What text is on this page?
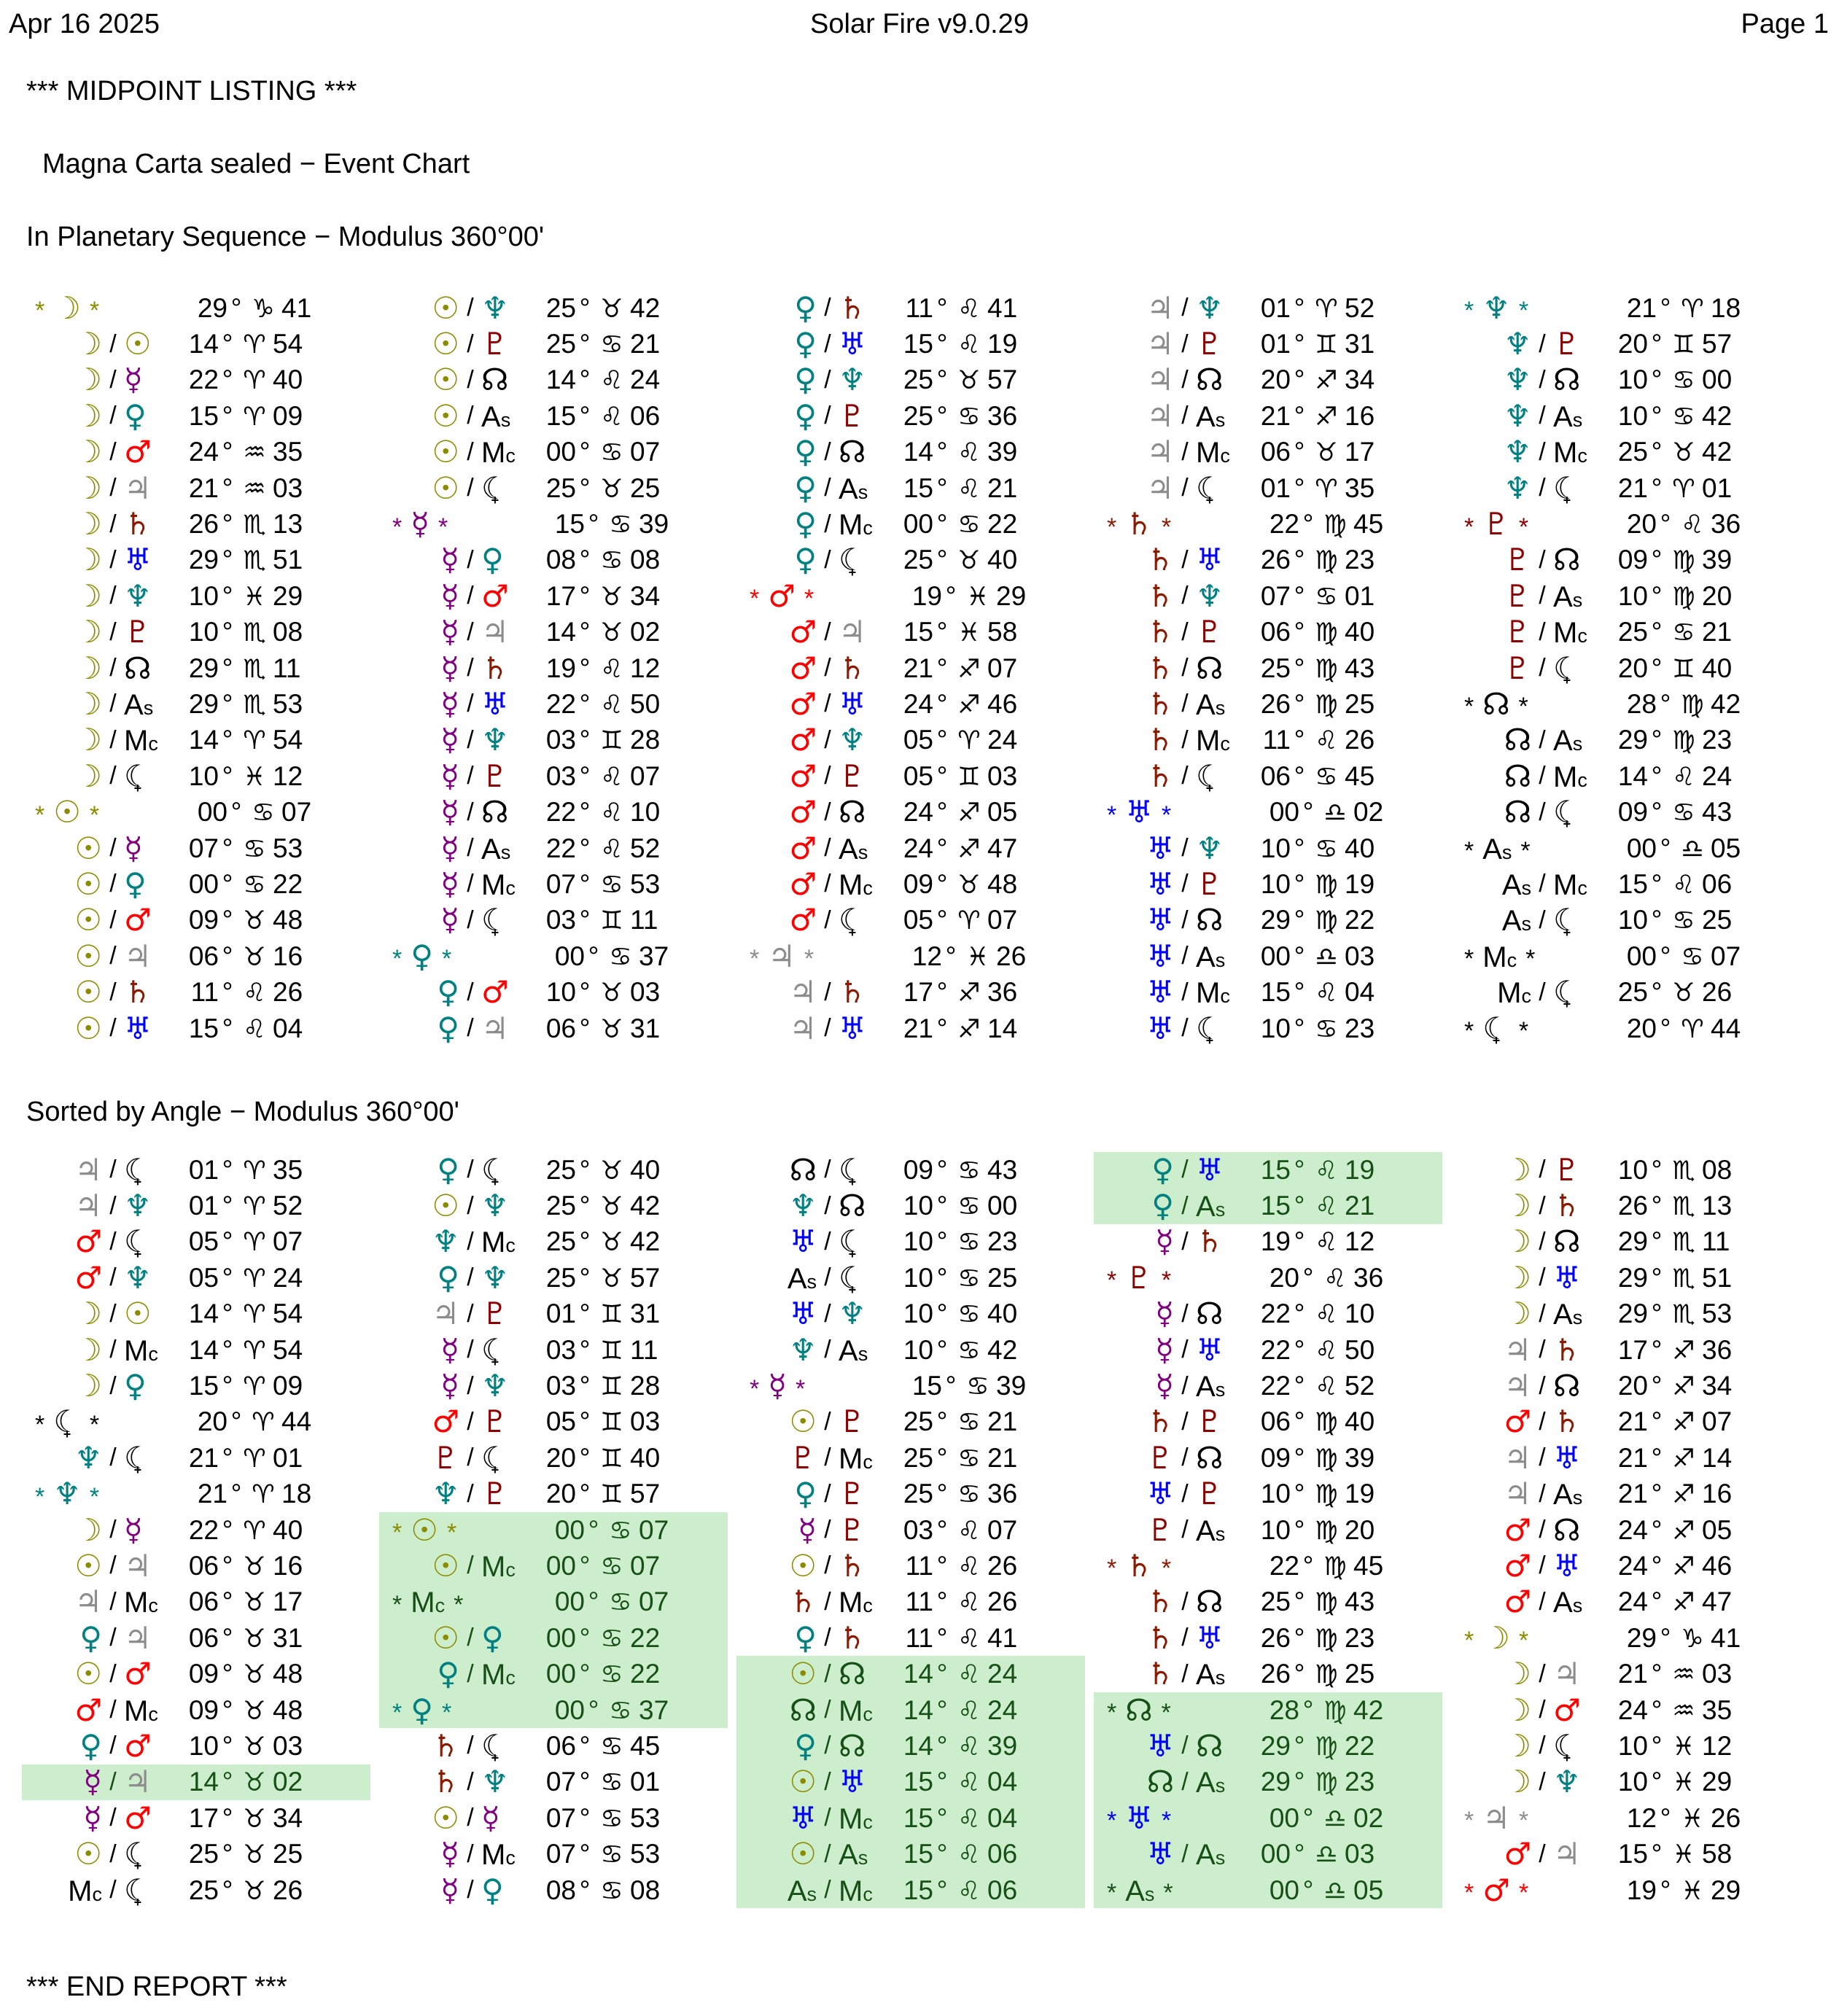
Apr 16 2025	Solar Fire v9.0.29	Page 1
*** MIDPOINT LISTING ***
Magna Carta sealed − Event Chart
In Planetary Sequence − Modulus 360°00'
* ☽ *	29 ° ♑ 41
☽ / ☉ 14 ° ♈ 54
☽ / ☿ 22 ° ♈ 40
☽ / ♀ 15 ° ♈ 09
☽ / ♂ 24 ° ♒ 35
☽ / ♃ 21 ° ♒ 03
☽ / ♄ 26 ° ♏ 13
☽ / ♅ 29 ° ♏ 51
☽ / ♆ 10 ° ♓ 29
☽ / ♇ 10 ° ♏ 08
☽ / ☊ 29 ° ♏ 11
☽ / As 29 ° ♏ 53
☽ / Mc 14 ° ♈ 54
☽ / ☾ + 10 ° ♓ 12
* ☉ *	00 ° ♋ 07
☉ / ☿ 07 ° ♋ 53
☉ / ♀ 00 ° ♋ 22
☉ / ♂ 09 ° ♉ 48
☉ / ♃ 06 ° ♉ 16
☉ / ♄	11 ° ♌ 26
☉ / ♅ 15 ° ♌ 04
☉ / ♆ 25 ° ♉ 42
☉ / ♇ 25 ° ♋ 21
☉ / ☊ 14 ° ♌ 24
☉ / As 15 ° ♌ 06
☉ / Mc 00 ° ♋ 07
☉ / ☾ + 25 ° ♉ 25
* ☿ *	15 ° ♋ 39
☿ / ♀ 08 ° ♋ 08
☿ / ♂ 17 ° ♉ 34
☿ / ♃ 14 ° ♉ 02
☿ / ♄ 19 ° ♌ 12
☿ / ♅ 22 ° ♌ 50
☿ / ♆ 03 ° ♊ 28
☿ / ♇ 03 ° ♌ 07
☿ / ☊ 22 ° ♌ 10
☿ / As 22 ° ♌ 52
☿ / Mc 07 ° ♋ 53
☿ / ☾ + 03 ° ♊ 11
* ♀ *	00 ° ♋ 37
♀ / ♂ 10 ° ♉ 03
♀ / ♃ 06 ° ♉ 31
♀ / ♄	11 ° ♌ 41
♀ / ♅ 15 ° ♌ 19
♀ / ♆ 25 ° ♉ 57
♀ / ♇ 25 ° ♋ 36
♀ / ☊ 14 ° ♌ 39
♀ / As 15 ° ♌ 21
♀ / Mc 00 ° ♋ 22
♀ / ☾ + 25 ° ♉ 40
* ♂ *	19 ° ♓ 29
♂ / ♃ 15 ° ♓ 58
♂ / ♄ 21 ° ♐ 07
♂ / ♅ 24 ° ♐ 46
♂ / ♆ 05 ° ♈ 24
♂ / ♇ 05 ° ♊ 03
♂ / ☊ 24 ° ♐ 05
♂ / As 24 ° ♐ 47
♂ / Mc 09 ° ♉ 48
♂ / ☾ + 05 ° ♈ 07
* ♃ *	12 ° ♓ 26
♃ / ♄ 17 ° ♐ 36
♃ / ♅ 21 ° ♐ 14
♃ / ♆ 01 ° ♈ 52
♃ / ♇ 01 ° ♊ 31
♃ / ☊ 20 ° ♐ 34
♃ / As 21 ° ♐ 16
♃ / Mc 06 ° ♉ 17
♃ / ☾ + 01 ° ♈ 35
* ♄ *	22 ° ♍ 45
♄ / ♅ 26 ° ♍ 23
♄ / ♆ 07 ° ♋ 01
♄ / ♇ 06 ° ♍ 40
♄ / ☊ 25 ° ♍ 43
♄ / As 26 ° ♍ 25
♄ / Mc	11 ° ♌ 26
♄ / ☾ + 06 ° ♋ 45
* ♅ *	00 ° ♎ 02
♅ / ♆ 10 ° ♋ 40
♅ / ♇ 10 ° ♍ 19
♅ / ☊ 29 ° ♍ 22
♅ / As 00 ° ♎ 03
♅ / Mc 15 ° ♌ 04
♅ / ☾ + 10 ° ♋ 23
* ♆ *	21 ° ♈ 18
♆ / ♇ 20 ° ♊ 57
♆ / ☊ 10 ° ♋ 00
♆ / As 10 ° ♋ 42
♆ / Mc 25 ° ♉ 42
♆ / ☾ + 21 ° ♈ 01
* ♇ *	20 ° ♌ 36
♇ / ☊ 09 ° ♍ 39
♇ / As 10 ° ♍ 20
♇ / Mc 25 ° ♋ 21
♇ / ☾ + 20 ° ♊ 40
* ☊ *	28 ° ♍ 42
☊ / As 29 ° ♍ 23
☊ / Mc 14 ° ♌ 24
☊ / ☾ + 09 ° ♋ 43
* As *	00 ° ♎ 05
As / Mc 15 ° ♌ 06
As / ☾ + 10 ° ♋ 25
* Mc *	00 ° ♋ 07
Mc / ☾ + 25 ° ♉ 26
* ☾ + *	20 ° ♈ 44
Sorted by Angle − Modulus 360°00'
♃ / ☾ + 01 ° ♈ 35
♃ / ♆ 01 ° ♈ 52
♂ / ☾ + 05 ° ♈ 07
♂ / ♆ 05 ° ♈ 24
☽ / ☉ 14 ° ♈ 54
☽ / Mc 14 ° ♈ 54
☽ / ♀ 15 ° ♈ 09
* ☾ + *	20 ° ♈ 44
♆ / ☾ + 21 ° ♈ 01
* ♆ *	21 ° ♈ 18
☽ / ☿ 22 ° ♈ 40
☉ / ♃ 06 ° ♉ 16
♃ / Mc 06 ° ♉ 17
♀ / ♃ 06 ° ♉ 31
☉ / ♂ 09 ° ♉ 48
♂ / Mc 09 ° ♉ 48
♀ / ♂ 10 ° ♉ 03
☿ / ♃ 14 ° ♉ 02
☿ / ♂ 17 ° ♉ 34
☉ / ☾ + 25 ° ♉ 25
Mc / ☾ + 25 ° ♉ 26
♀ / ☾ + 25 ° ♉ 40
☉ / ♆ 25 ° ♉ 42
♆ / Mc 25 ° ♉ 42
♀ / ♆ 25 ° ♉ 57
♃ / ♇ 01 ° ♊ 31
☿ / ☾ + 03 ° ♊ 11
☿ / ♆ 03 ° ♊ 28
♂ / ♇ 05 ° ♊ 03
♇ / ☾ + 20 ° ♊ 40
♆ / ♇ 20 ° ♊ 57
* ☉ *	00 ° ♋ 07
☉ / Mc 00 ° ♋ 07
* Mc *	00 ° ♋ 07
☉ / ♀ 00 ° ♋ 22
♀ / Mc 00 ° ♋ 22
* ♀ *	00 ° ♋ 37
♄ / ☾ + 06 ° ♋ 45
♄ / ♆ 07 ° ♋ 01
☉ / ☿ 07 ° ♋ 53
☿ / Mc 07 ° ♋ 53
☿ / ♀ 08 ° ♋ 08
☊ / ☾ + 09 ° ♋ 43
♆ / ☊ 10 ° ♋ 00
♅ / ☾ + 10 ° ♋ 23
As / ☾ + 10 ° ♋ 25
♅ / ♆ 10 ° ♋ 40
♆ / As 10 ° ♋ 42
* ☿ *	15 ° ♋ 39
☉ / ♇ 25 ° ♋ 21
♇ / Mc 25 ° ♋ 21
♀ / ♇ 25 ° ♋ 36
☿ / ♇ 03 ° ♌ 07
☉ / ♄	11 ° ♌ 26
♄ / Mc	11 ° ♌ 26
♀ / ♄	11 ° ♌ 41
☉ / ☊ 14 ° ♌ 24
☊ / Mc 14 ° ♌ 24
♀ / ☊ 14 ° ♌ 39
☉ / ♅ 15 ° ♌ 04
♅ / Mc 15 ° ♌ 04
☉ / As 15 ° ♌ 06
As / Mc 15 ° ♌ 06
♀ / ♅ 15 ° ♌ 19
♀ / As 15 ° ♌ 21
☿ / ♄ 19 ° ♌ 12
* ♇ *	20 ° ♌ 36
☿ / ☊ 22 ° ♌ 10
☿ / ♅ 22 ° ♌ 50
☿ / As 22 ° ♌ 52
♄ / ♇ 06 ° ♍ 40
♇ / ☊ 09 ° ♍ 39
♅ / ♇ 10 ° ♍ 19
♇ / As 10 ° ♍ 20
* ♄ *	22 ° ♍ 45
♄ / ☊ 25 ° ♍ 43
♄ / ♅ 26 ° ♍ 23
♄ / As 26 ° ♍ 25
* ☊ *	28 ° ♍ 42
♅ / ☊ 29 ° ♍ 22
☊ / As 29 ° ♍ 23
* ♅ *	00 ° ♎ 02
♅ / As 00 ° ♎ 03
* As *	00 ° ♎ 05
☽ / ♇ 10 ° ♏ 08
☽ / ♄ 26 ° ♏ 13
☽ / ☊ 29 ° ♏ 11
☽ / ♅ 29 ° ♏ 51
☽ / As 29 ° ♏ 53
♃ / ♄ 17 ° ♐ 36
♃ / ☊ 20 ° ♐ 34
♂ / ♄ 21 ° ♐ 07
♃ / ♅ 21 ° ♐ 14
♃ / As 21 ° ♐ 16
♂ / ☊ 24 ° ♐ 05
♂ / ♅ 24 ° ♐ 46
♂ / As 24 ° ♐ 47
* ☽ *	29 ° ♑ 41
☽ / ♃ 21 ° ♒ 03
☽ / ♂ 24 ° ♒ 35
☽ / ☾ + 10 ° ♓ 12
☽ / ♆ 10 ° ♓ 29
* ♃ *	12 ° ♓ 26
♂ / ♃ 15 ° ♓ 58
* ♂ *	19 ° ♓ 29
*** END REPORT ***
